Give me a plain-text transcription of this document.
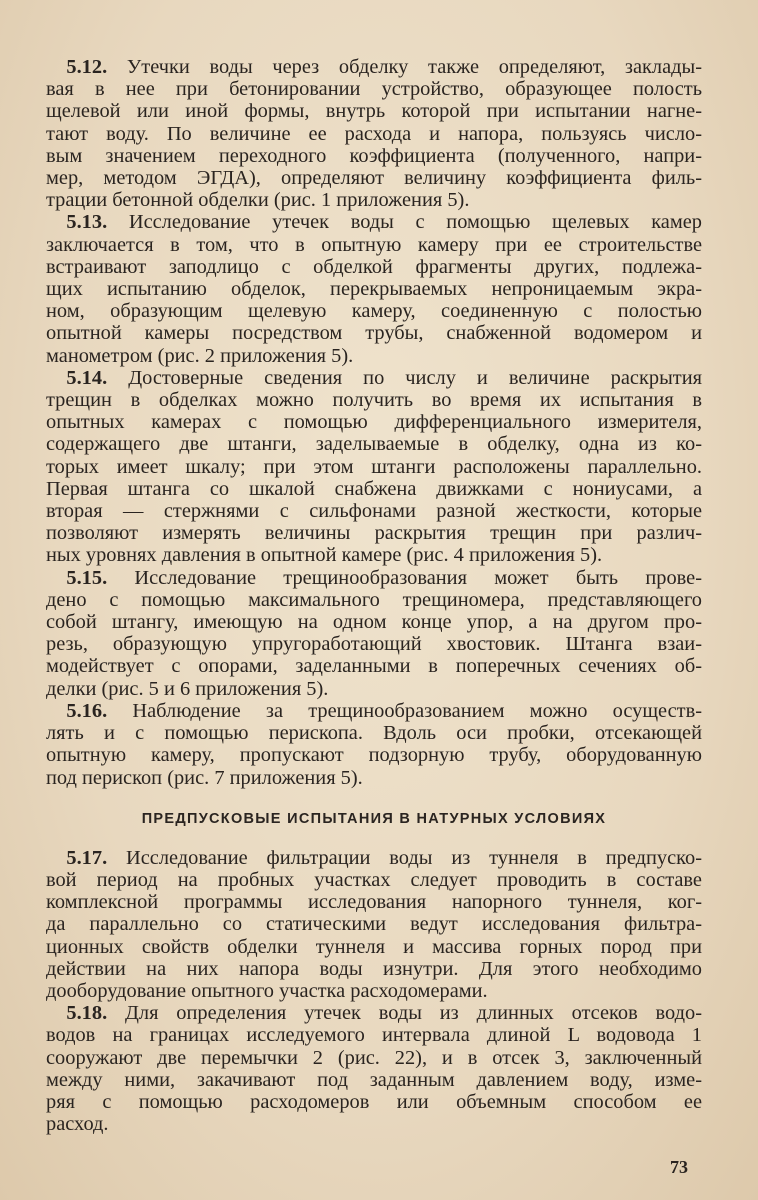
 5.12. Утечки воды через обделку также определяют, заклады-
вая в нее при бетонировании устройство, образующее полость
щелевой или иной формы, внутрь которой при испытании нагне-
тают воду. По величине ее расхода и напора, пользуясь число-
вым значением переходного коэффициента (полученного, напри-
мер, методом ЭГДА), определяют величину коэффициента филь-
трации бетонной обделки (рис. 1 приложения 5).

 5.13. Исследование утечек воды с помощью щелевых камер
заключается в том, что в опытную камеру при ее строительстве
встраивают заподлицо с обделкой фрагменты других, подлежа-
щих испытанию обделок, перекрываемых непроницаемым экра-
ном, образующим щелевую камеру, соединенную с полостью
опытной камеры посредством трубы, снабженной водомером и
манометром (рис. 2 приложения 5).

 5.14. Достоверные сведения по числу и величине раскрытия
трещин в обделках можно получить во время их испытания в
опытных камерах с помощью дифференциального измерителя,
содержащего две штанги, заделываемые в обделку, одна из ко-
торых имеет шкалу; при этом штанги расположены параллельно.
Первая штанга со шкалой снабжена движками с нониусами, а
вторая — стержнями с сильфонами разной жесткости, которые
позволяют измерять величины раскрытия трещин при различ-
ных уровнях давления в опытной камере (рис. 4 приложения 5).

 5.15. Исследование трещинообразования может быть прове-
дено с помощью максимального трещиномера, представляющего
собой штангу, имеющую на одном конце упор, а на другом про-
резь, образующую упругоработающий хвостовик. Штанга взаи-
модействует с опорами, заделанными в поперечных сечениях об-
делки (рис. 5 и 6 приложения 5).

 5.16. Наблюдение за трещинообразованием можно осуществ-
лять и с помощью перископа. Вдоль оси пробки, отсекающей
опытную камеру, пропускают подзорную трубу, оборудованную
под перископ (рис. 7 приложения 5).

ПРЕДПУСКОВЫЕ ИСПЫТАНИЯ В НАТУРНЫХ УСЛОВИЯХ

 5.17. Исследование фильтрации воды из туннеля в предпуско-
вой период на пробных участках следует проводить в составе
комплексной программы исследования напорного туннеля, ког-
да параллельно со статическими ведут исследования фильтра-
ционных свойств обделки туннеля и массива горных пород при
действии на них напора воды изнутри. Для этого необходимо
дооборудование опытного участка расходомерами.

 5.18. Для определения утечек воды из длинных отсеков водо-
водов на границах исследуемого интервала длиной L водовода 1
сооружают две перемычки 2 (рис. 22), и в отсек 3, заключенный
между ними, закачивают под заданным давлением воду, изме-
ряя с помощью расходомеров или объемным способом ее
расход.

73
